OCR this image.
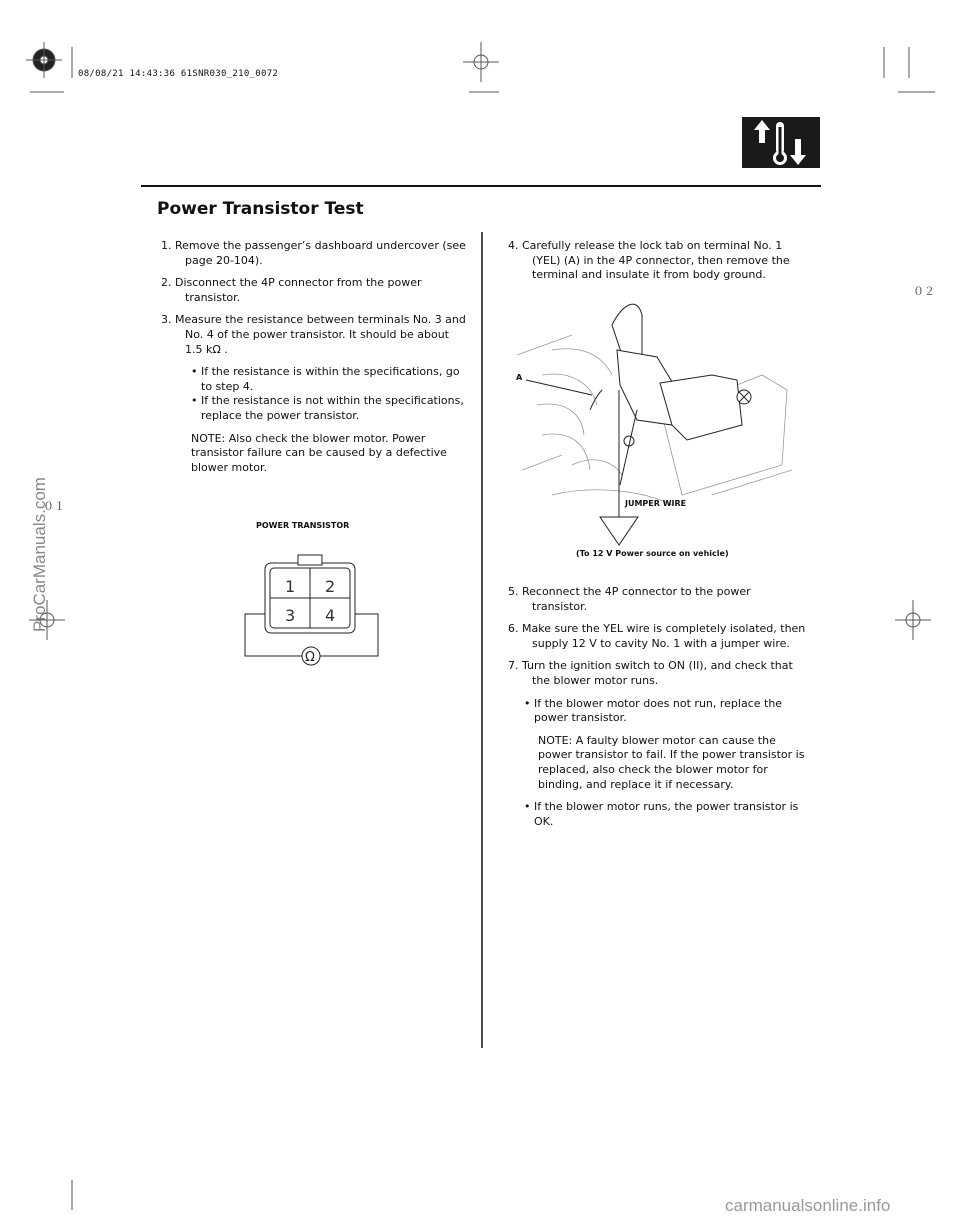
08/08/21 14:43:36 61SNR030_210_0072
Power Transistor Test

1. Remove the passenger’s dashboard undercover (see page 20-104).

2. Disconnect the 4P connector from the power transistor.

3. Measure the resistance between terminals No. 3 and No. 4 of the power transistor. It should be about 1.5 kΩ .

• If the resistance is within the specifications, go to step 4.

• If the resistance is not within the specifications, replace the power transistor.

NOTE: Also check the blower motor. Power transistor failure can be caused by a defective blower motor.

POWER TRANSISTOR
1 2
3 4
Ω

4. Carefully release the lock tab on terminal No. 1 (YEL) (A) in the 4P connector, then remove the terminal and insulate it from body ground.

A
JUMPER WIRE
(To 12 V Power source on vehicle)

5. Reconnect the 4P connector to the power transistor.

6. Make sure the YEL wire is completely isolated, then supply 12 V to cavity No. 1 with a jumper wire.

7. Turn the ignition switch to ON (II), and check that the blower motor runs.

• If the blower motor does not run, replace the power transistor.

NOTE: A faulty blower motor can cause the power transistor to fail. If the power transistor is replaced, also check the blower motor for binding, and replace it if necessary.

• If the blower motor runs, the power transistor is OK.

０２
０１
ProCarManuals.com
carmanualsonline.info
